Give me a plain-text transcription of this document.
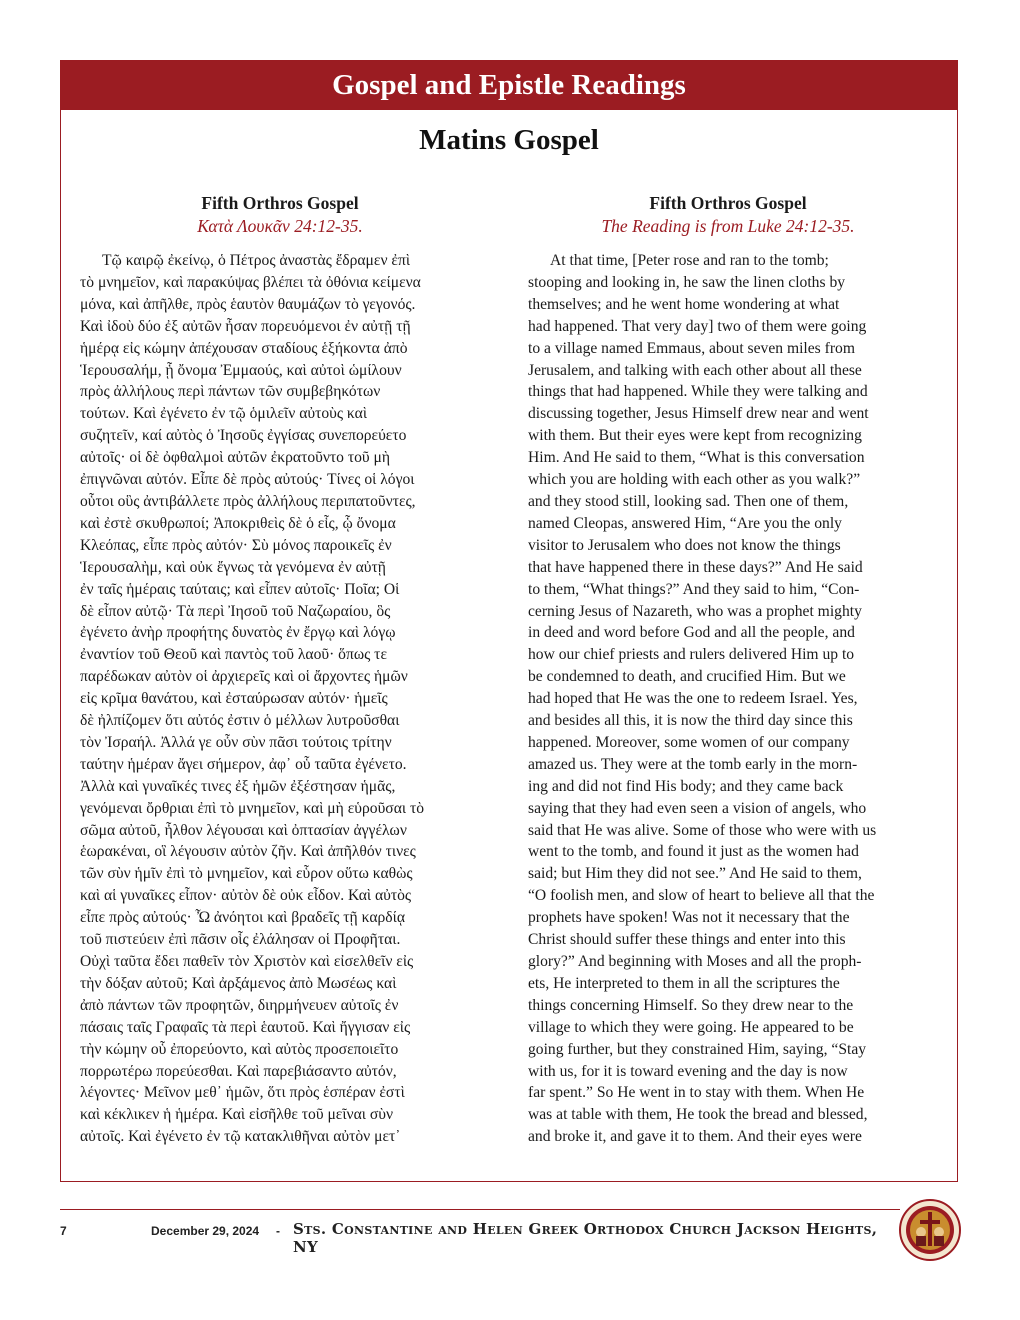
Gospel and Epistle Readings
Matins Gospel
Fifth Orthros Gospel
Κατὰ Λουκᾶν 24:12-35.
Τῷ καιρῷ ἐκείνῳ, ὁ Πέτρος ἀναστὰς ἔδραμεν ἐπὶ
τὸ μνημεῖον, καὶ παρακύψας βλέπει τὰ ὀθόνια κείμενα
μόνα, καὶ ἀπῆλθε, πρὸς ἑαυτὸν θαυμάζων τὸ γεγονός.
Καὶ ἰδοὺ δύο ἐξ αὐτῶν ἦσαν πορευόμενοι ἐν αὐτῇ τῇ
ἡμέρᾳ εἰς κώμην ἀπέχουσαν σταδίους ἑξήκοντα ἀπὸ
Ἱερουσαλήμ, ᾗ ὄνομα Ἐμμαούς, καὶ αὐτοὶ ὡμίλουν
πρὸς ἀλλήλους περὶ πάντων τῶν συμβεβηκότων
τούτων. Καὶ ἐγένετο ἐν τῷ ὁμιλεῖν αὐτοὺς καὶ
συζητεῖν, καί αὐτὸς ὁ Ἰησοῦς ἐγγίσας συνεπορεύετο
αὐτοῖς· οἱ δὲ ὀφθαλμοὶ αὐτῶν ἐκρατοῦντο τοῦ μὴ
ἐπιγνῶναι αὐτόν. Εἶπε δὲ πρὸς αὐτούς· Τίνες οἱ λόγοι
οὗτοι οὓς ἀντιβάλλετε πρὸς ἀλλήλους περιπατοῦντες,
καὶ ἐστὲ σκυθρωποί; Ἀποκριθεὶς δὲ ὁ εἷς, ᾧ ὄνομα
Κλεόπας, εἶπε πρὸς αὐτόν· Σὺ μόνος παροικεῖς ἐν
Ἱερουσαλὴμ, καὶ οὐκ ἔγνως τὰ γενόμενα ἐν αὐτῇ
ἐν ταῖς ἡμέραις ταύταις; καὶ εἶπεν αὐτοῖς· Ποῖα; Οἱ
δὲ εἶπον αὐτῷ· Τὰ περὶ Ἰησοῦ τοῦ Ναζωραίου, ὃς
ἐγένετο ἀνὴρ προφήτης δυνατὸς ἐν ἔργῳ καὶ λόγῳ
ἐναντίον τοῦ Θεοῦ καὶ παντὸς τοῦ λαοῦ· ὅπως τε
παρέδωκαν αὐτὸν οἱ ἀρχιερεῖς καὶ οἱ ἄρχοντες ἡμῶν
εἰς κρῖμα θανάτου, καὶ ἐσταύρωσαν αὐτόν· ἡμεῖς
δὲ ἠλπίζομεν ὅτι αὐτός ἐστιν ὁ μέλλων λυτροῦσθαι
τὸν Ἰσραήλ. Ἀλλά γε οὖν σὺν πᾶσι τούτοις τρίτην
ταύτην ἡμέραν ἄγει σήμερον, ἀφ᾽ οὗ ταῦτα ἐγένετο.
Ἀλλὰ καὶ γυναῖκές τινες ἐξ ἡμῶν ἐξέστησαν ἡμᾶς,
γενόμεναι ὄρθριαι ἐπὶ τὸ μνημεῖον, καὶ μὴ εὑροῦσαι τὸ
σῶμα αὐτοῦ, ἦλθον λέγουσαι καὶ ὀπτασίαν ἀγγέλων
ἑωρακέναι, οἳ λέγουσιν αὐτὸν ζῆν. Καὶ ἀπῆλθόν τινες
τῶν σὺν ἡμῖν ἐπὶ τὸ μνημεῖον, καὶ εὗρον οὕτω καθὼς
καὶ αἱ γυναῖκες εἶπον· αὐτὸν δὲ οὐκ εἶδον. Καὶ αὐτὸς
εἶπε πρὸς αὐτούς· Ὦ ἀνόητοι καὶ βραδεῖς τῇ καρδίᾳ
τοῦ πιστεύειν ἐπὶ πᾶσιν οἷς ἐλάλησαν οἱ Προφῆται.
Οὐχὶ ταῦτα ἔδει παθεῖν τὸν Χριστὸν καὶ εἰσελθεῖν εἰς
τὴν δόξαν αὐτοῦ; Καὶ ἀρξάμενος ἀπὸ Μωσέως καὶ
ἀπὸ πάντων τῶν προφητῶν, διηρμήνευεν αὐτοῖς ἐν
πάσαις ταῖς Γραφαῖς τὰ περὶ ἑαυτοῦ. Καὶ ἤγγισαν εἰς
τὴν κώμην οὗ ἐπορεύοντο, καὶ αὐτὸς προσεποιεῖτο
πορρωτέρω πορεύεσθαι. Καὶ παρεβιάσαντο αὐτόν,
λέγοντες· Μεῖνον μεθ᾽ ἡμῶν, ὅτι πρὸς ἑσπέραν ἐστὶ
καὶ κέκλικεν ἡ ἡμέρα. Καὶ εἰσῆλθε τοῦ μεῖναι σὺν
αὐτοῖς. Καὶ ἐγένετο ἐν τῷ κατακλιθῆναι αὐτὸν μετ᾽
Fifth Orthros Gospel
The Reading is from Luke 24:12-35.
At that time, [Peter rose and ran to the tomb;
stooping and looking in, he saw the linen cloths by
themselves; and he went home wondering at what
had happened. That very day] two of them were going
to a village named Emmaus, about seven miles from
Jerusalem, and talking with each other about all these
things that had happened. While they were talking and
discussing together, Jesus Himself drew near and went
with them. But their eyes were kept from recognizing
Him. And He said to them, “What is this conversation
which you are holding with each other as you walk?”
and they stood still, looking sad. Then one of them,
named Cleopas, answered Him, “Are you the only
visitor to Jerusalem who does not know the things
that have happened there in these days?” And He said
to them, “What things?” And they said to him, “Con-
cerning Jesus of Nazareth, who was a prophet mighty
in deed and word before God and all the people, and
how our chief priests and rulers delivered Him up to
be condemned to death, and crucified Him. But we
had hoped that He was the one to redeem Israel. Yes,
and besides all this, it is now the third day since this
happened. Moreover, some women of our company
amazed us. They were at the tomb early in the morn-
ing and did not find His body; and they came back
saying that they had even seen a vision of angels, who
said that He was alive. Some of those who were with us
went to the tomb, and found it just as the women had
said; but Him they did not see.” And He said to them,
“O foolish men, and slow of heart to believe all that the
prophets have spoken! Was not it necessary that the
Christ should suffer these things and enter into this
glory?” And beginning with Moses and all the proph-
ets, He interpreted to them in all the scriptures the
things concerning Himself. So they drew near to the
village to which they were going. He appeared to be
going further, but they constrained Him, saying, “Stay
with us, for it is toward evening and the day is now
far spent.” So He went in to stay with them. When He
was at table with them, He took the bread and blessed,
and broke it, and gave it to them. And their eyes were
7	December 29, 2024 - Sts. Constantine and Helen Greek Orthodox Church Jackson Heights, NY
